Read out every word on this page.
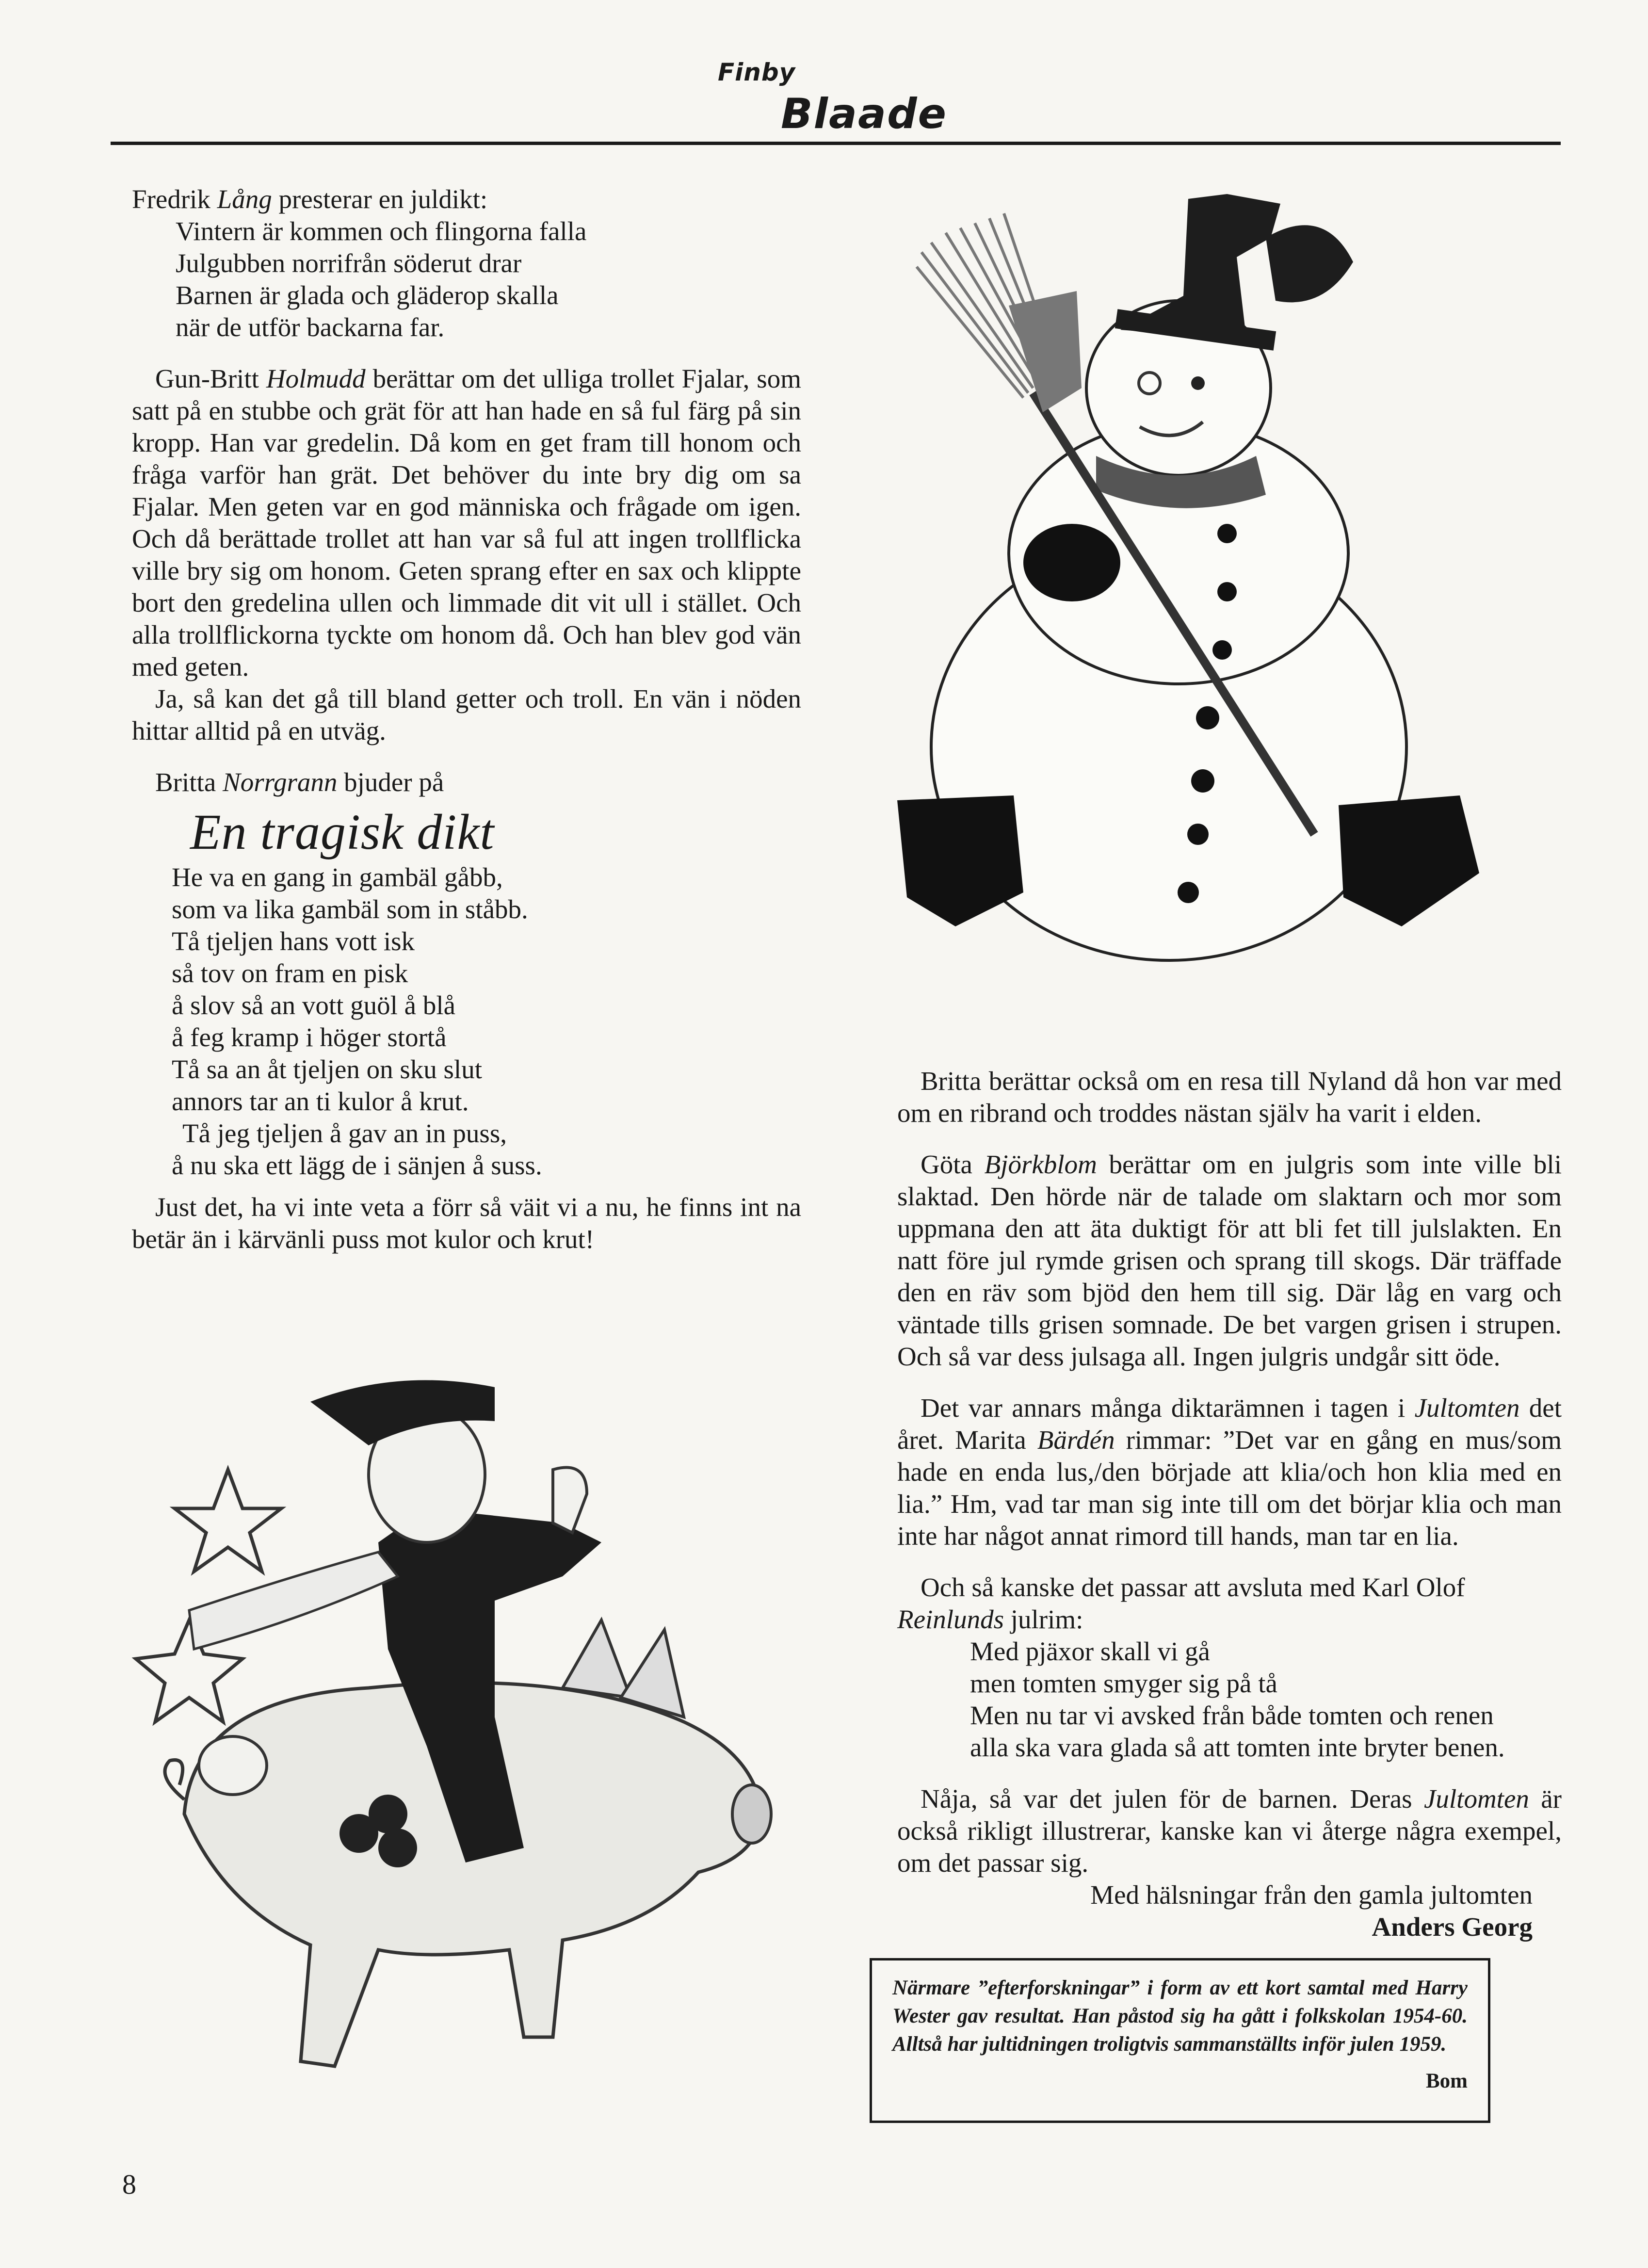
Finby
Blaade

Fredrik Lång presterar en juldikt:

Vintern är kommen och flingorna falla

Julgubben norrifrån söderut drar

Barnen är glada och gläderop skalla

när de utför backarna far.

Gun-Britt Holmudd berättar om det ulliga trollet Fjalar, som satt på en stubbe och grät för att han hade en så ful färg på sin kropp. Han var gredelin. Då kom en get fram till honom och fråga varför han grät. Det behöver du inte bry dig om sa Fjalar. Men geten var en god människa och frågade om igen. Och då berättade trollet att han var så ful att ingen trollflicka ville bry sig om honom. Geten sprang efter en sax och klippte bort den gredelina ullen och limmade dit vit ull i stället. Och alla trollflickorna tyckte om honom då. Och han blev god vän med geten.

Ja, så kan det gå till bland getter och troll. En vän i nöden hittar alltid på en utväg.

Britta Norrgrann bjuder på

En tragisk dikt

He va en gang in gambäl gåbb,

som va lika gambäl som in ståbb.

Tå tjeljen hans vott isk

så tov on fram en pisk

å slov så an vott guöl å blå

å feg kramp i höger stortå

Tå sa an åt tjeljen on sku slut

annors tar an ti kulor å krut.

Tå jeg tjeljen å gav an in puss,

å nu ska ett lägg de i sänjen å suss.

Just det, ha vi inte veta a förr så väit vi a nu, he finns int na betär än i kärvänli puss mot kulor och krut!

Britta berättar också om en resa till Nyland då hon var med om en ribrand och troddes nästan själv ha varit i elden.

Göta Björkblom berättar om en julgris som inte ville bli slaktad. Den hörde när de talade om slaktarn och mor som uppmana den att äta duktigt för att bli fet till julslakten. En natt före jul rymde grisen och sprang till skogs. Där träffade den en räv som bjöd den hem till sig. Där låg en varg och väntade tills grisen somnade. De bet vargen grisen i strupen. Och så var dess julsaga all. Ingen julgris undgår sitt öde.

Det var annars många diktarämnen i tagen i Jultomten det året. Marita Bärdén rimmar: ”Det var en gång en mus/som hade en enda lus,/den började att klia/och hon klia med en lia.” Hm, vad tar man sig inte till om det börjar klia och man inte har något annat rimord till hands, man tar en lia.

Och så kanske det passar att avsluta med Karl Olof Reinlunds julrim:

Med pjäxor skall vi gå

men tomten smyger sig på tå

Men nu tar vi avsked från både tomten och renen

alla ska vara glada så att tomten inte bryter benen.

Nåja, så var det julen för de barnen. Deras Jultomten är också rikligt illustrerar, kanske kan vi återge några exempel, om det passar sig.

Med hälsningar från den gamla jultomten

Anders Georg

Närmare ”efterforskningar” i form av ett kort samtal med Harry Wester gav resultat. Han påstod sig ha gått i folkskolan 1954-60. Alltså har jultidningen troligtvis sammanställts inför julen 1959.
Bom
8
